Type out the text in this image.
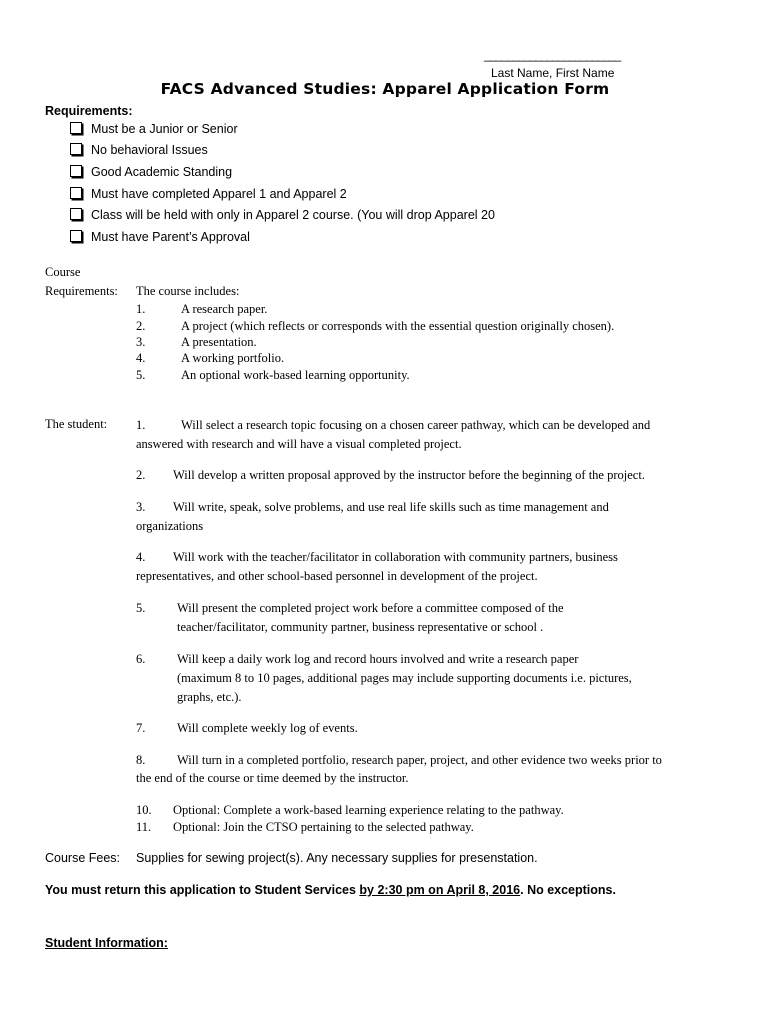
________________________
Last Name, First Name
FACS Advanced Studies: Apparel Application Form
Requirements:
Must be a Junior or Senior
No behavioral Issues
Good Academic Standing
Must have completed Apparel 1 and Apparel 2
Class will be held with only in Apparel 2 course. (You will drop Apparel 20
Must have Parent’s Approval
Course
Requirements: The course includes:
1.	A research paper.
2.	A project (which reflects or corresponds with the essential question originally chosen).
3.	A presentation.
4.	A working portfolio.
5.	An optional work-based learning opportunity.
The student: 1.	Will select a research topic focusing on a chosen career pathway, which can be developed and
answered with research and will have a visual completed project.
2. Will develop a written proposal approved by the instructor before the beginning of the project.
3. Will write, speak, solve problems, and use real life skills such as time management and
organizations
4. Will work with the teacher/facilitator in collaboration with community partners, business
representatives, and other school-based personnel in development of the project.
5.	Will present the completed project work before a committee composed of the
teacher/facilitator, community partner, business representative or school .
6.	Will keep a daily work log and record hours involved and write a research paper
(maximum 8 to 10 pages, additional pages may include supporting documents i.e. pictures,
graphs, etc.).
7.	Will complete weekly log of events.
8.	Will turn in a completed portfolio, research paper, project, and other evidence two weeks prior to
the end of the course or time deemed by the instructor.
10. Optional: Complete a work-based learning experience relating to the pathway.
11. Optional: Join the CTSO pertaining to the selected pathway.
Course Fees: Supplies for sewing project(s). Any necessary supplies for presenstation.
You must return this application to Student Services by 2:30 pm on April 8, 2016. No exceptions.
Student Information:
